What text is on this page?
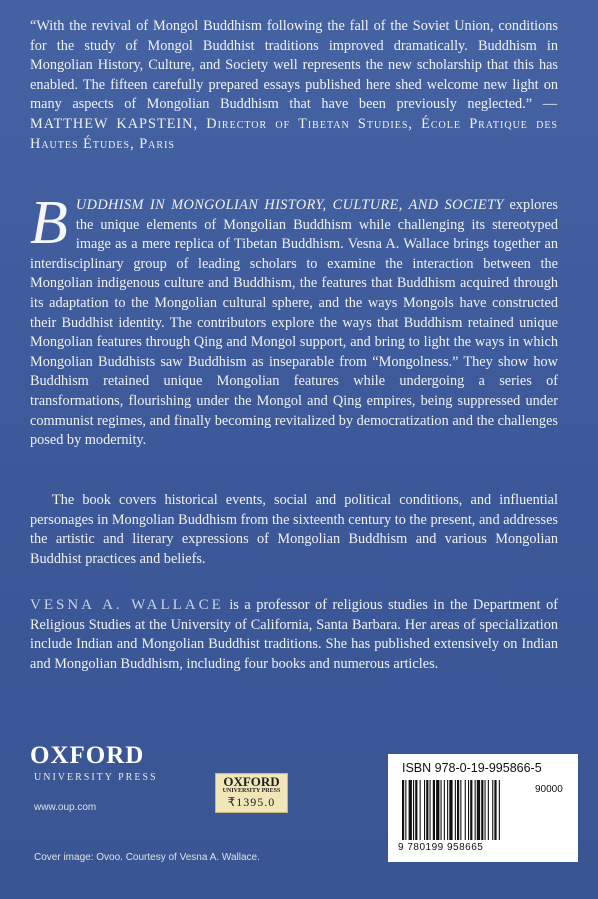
“With the revival of Mongol Buddhism following the fall of the Soviet Union, conditions for the study of Mongol Buddhist traditions improved dramatically. Buddhism in Mongolian History, Culture, and Society well represents the new scholarship that this has enabled. The fifteen carefully prepared essays published here shed welcome new light on many aspects of Mongolian Buddhism that have been previously neglected.” —MATTHEW KAPSTEIN, Director of Tibetan Studies, École Pratique des Hautes Études, Paris
B UDDHISM IN MONGOLIAN HISTORY, CULTURE, AND SOCIETY explores the unique elements of Mongolian Buddhism while challenging its stereotyped image as a mere replica of Tibetan Buddhism. Vesna A. Wallace brings together an interdisciplinary group of leading scholars to examine the interaction between the Mongolian indigenous culture and Buddhism, the features that Buddhism acquired through its adaptation to the Mongolian cultural sphere, and the ways Mongols have constructed their Buddhist identity. The contributors explore the ways that Buddhism retained unique Mongolian features through Qing and Mongol support, and bring to light the ways in which Mongolian Buddhists saw Buddhism as inseparable from “Mongolness.” They show how Buddhism retained unique Mongolian features while undergoing a series of transformations, flourishing under the Mongol and Qing empires, being suppressed under communist regimes, and finally becoming revitalized by democratization and the challenges posed by modernity.
The book covers historical events, social and political conditions, and influential personages in Mongolian Buddhism from the sixteenth century to the present, and addresses the artistic and literary expressions of Mongolian Buddhism and various Mongolian Buddhist practices and beliefs.
VESNA A. WALLACE is a professor of religious studies in the Department of Religious Studies at the University of California, Santa Barbara. Her areas of specialization include Indian and Mongolian Buddhist traditions. She has published extensively on Indian and Mongolian Buddhism, including four books and numerous articles.
OXFORD
UNIVERSITY PRESS
www.oup.com
Cover image: Ovoo. Courtesy of Vesna A. Wallace.
OXFORD
UNIVERSITY PRESS
₹1395.0
ISBN 978-0-19-995866-5
90000
9 780199 958665
